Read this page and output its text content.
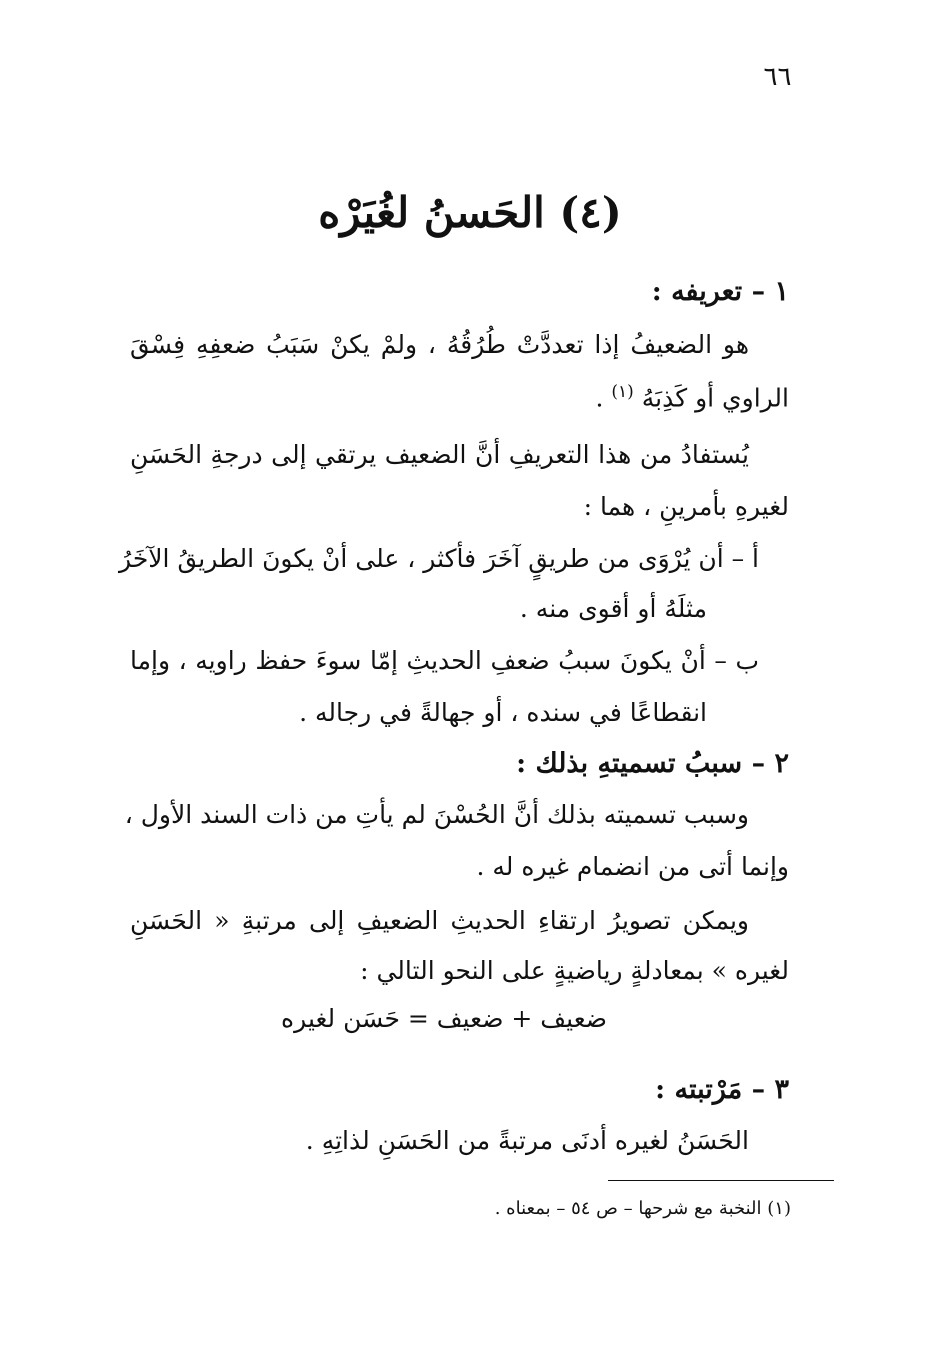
٦٦
(٤) الحَسنُ لغُيَرْه
١ – تعريفه :
هو الضعيفُ إذا تعددَّتْ طُرُقُهُ ، ولمْ يكنْ سَبَبُ ضعفِهِ فِسْقَ
الراوي أو كَذِبَهُ $^{(١)}$ .
يُستفادُ من هذا التعريفِ أنَّ الضعيف يرتقي إلى درجةِ الحَسَنِ
لغيرهِ بأمرينِ ، هما :
أ – أن يُرْوَى من طريقٍ آخَرَ فأكثر ، على أنْ يكونَ الطريقُ الآخَرُ
مثلَهُ أو أقوى منه .
ب – أنْ يكونَ سببُ ضعفِ الحديثِ إمّا سوءَ حفظ راويه ، وإما
انقطاعًا في سنده ، أو جهالةً في رجاله .
٢ – سببُ تسميتهِ بذلك :
وسبب تسميته بذلك أنَّ الحُسْنَ لم يأتِ من ذات السند الأول ،
وإنما أتى من انضمام غيره له .
ويمكن تصويرُ ارتقاءِ الحديثِ الضعيفِ إلى مرتبةِ « الحَسَنِ
لغيره » بمعادلةٍ رياضيةٍ على النحو التالي :
ضعيف + ضعيف = حَسَن لغيره
٣ – مَرْتبته :
الحَسَنُ لغيره أدنَى مرتبةً من الحَسَنِ لذاتِهِ .
(١) النخبة مع شرحها – ص ٥٤ – بمعناه .
